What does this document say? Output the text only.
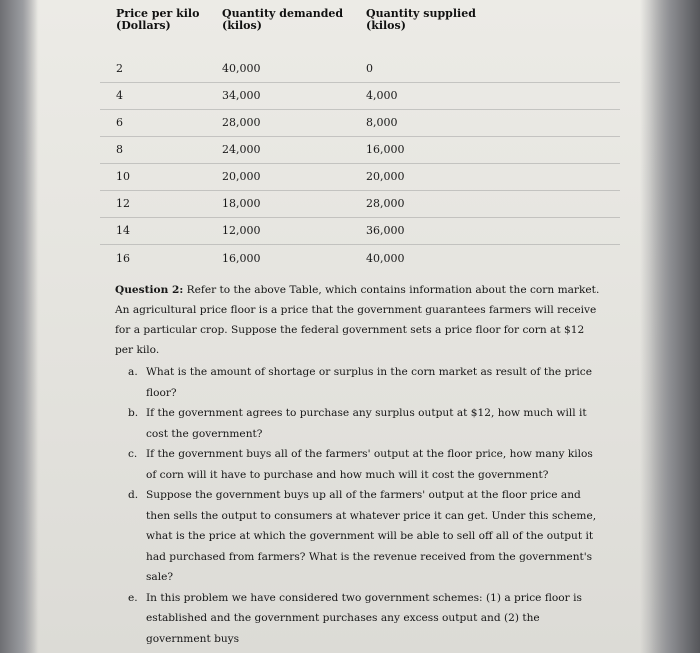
Price per kilo
(Dollars)
Quantity demanded
(kilos)
Quantity supplied
(kilos)
2	40,000	0
4	34,000	4,000
6	28,000	8,000
8	24,000	16,000
10	20,000	20,000
12	18,000	28,000
14	12,000	36,000
16	16,000	40,000
Question 2: Refer to the above Table, which contains information about the corn market. An agricultural price floor is a price that the government guarantees farmers will receive for a particular crop. Suppose the federal government sets a price floor for corn at $12 per kilo.
a. What is the amount of shortage or surplus in the corn market as result of the price floor?
b. If the government agrees to purchase any surplus output at $12, how much will it cost the government?
c. If the government buys all of the farmers' output at the floor price, how many kilos of corn will it have to purchase and how much will it cost the government?
d. Suppose the government buys up all of the farmers' output at the floor price and then sells the output to consumers at whatever price it can get. Under this scheme, what is the price at which the government will be able to sell off all of the output it had purchased from farmers? What is the revenue received from the government's sale?
e. In this problem we have considered two government schemes: (1) a price floor is established and the government purchases any excess output and (2) the government buys
